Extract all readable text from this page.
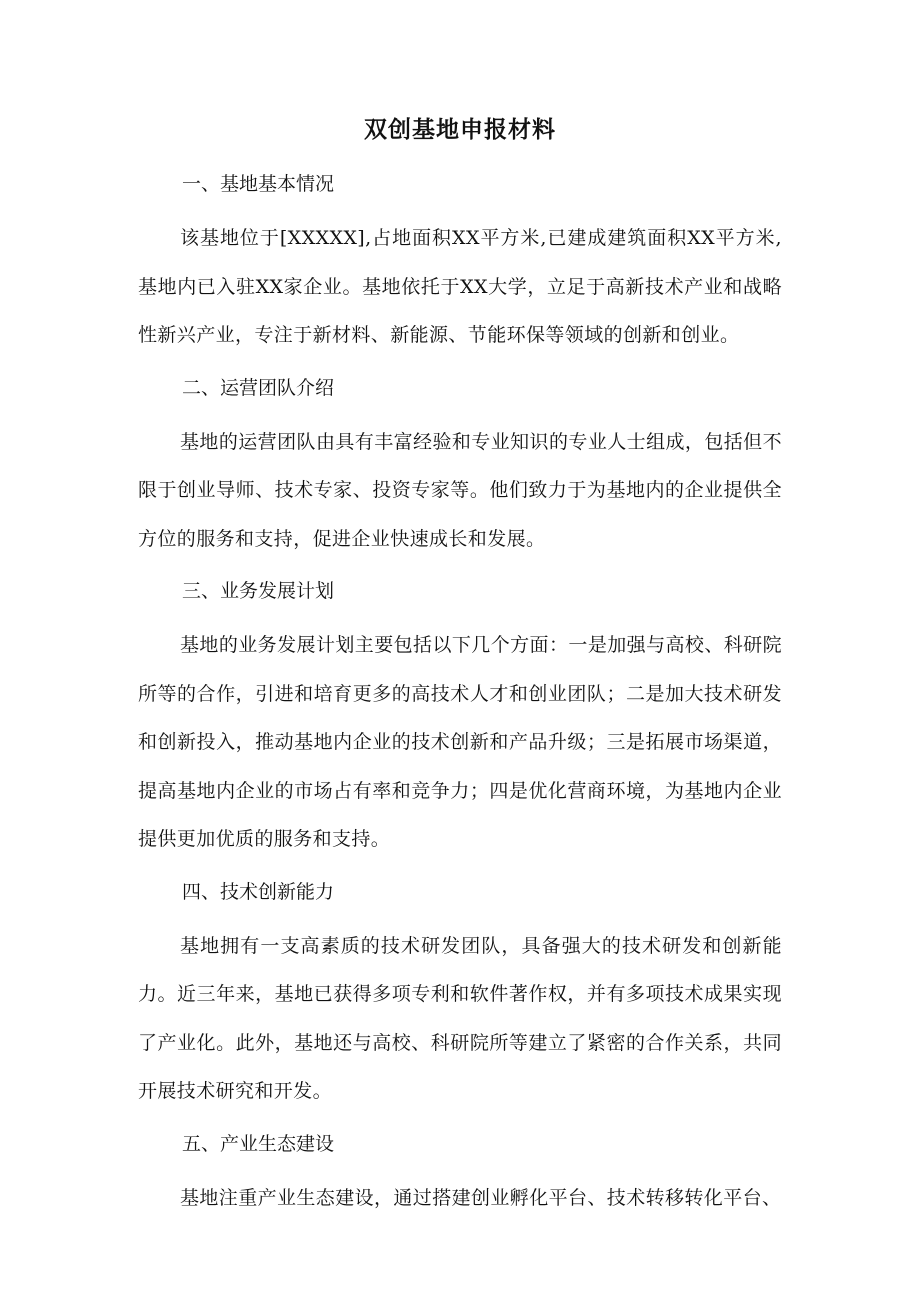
双创基地申报材料
一、基地基本情况

该基地位于[XXXXX],占地面积XX平方米,已建成建筑面积XX平方米,基地内已入驻XX家企业。基地依托于XX大学，立足于高新技术产业和战略性新兴产业，专注于新材料、新能源、节能环保等领域的创新和创业。

二、运营团队介绍

基地的运营团队由具有丰富经验和专业知识的专业人士组成，包括但不限于创业导师、技术专家、投资专家等。他们致力于为基地内的企业提供全方位的服务和支持，促进企业快速成长和发展。

三、业务发展计划

基地的业务发展计划主要包括以下几个方面：一是加强与高校、科研院所等的合作，引进和培育更多的高技术人才和创业团队；二是加大技术研发和创新投入，推动基地内企业的技术创新和产品升级；三是拓展市场渠道，提高基地内企业的市场占有率和竞争力；四是优化营商环境，为基地内企业提供更加优质的服务和支持。

四、技术创新能力

基地拥有一支高素质的技术研发团队，具备强大的技术研发和创新能力。近三年来，基地已获得多项专利和软件著作权，并有多项技术成果实现了产业化。此外，基地还与高校、科研院所等建立了紧密的合作关系，共同开展技术研究和开发。

五、产业生态建设

基地注重产业生态建设，通过搭建创业孵化平台、技术转移转化平台、
